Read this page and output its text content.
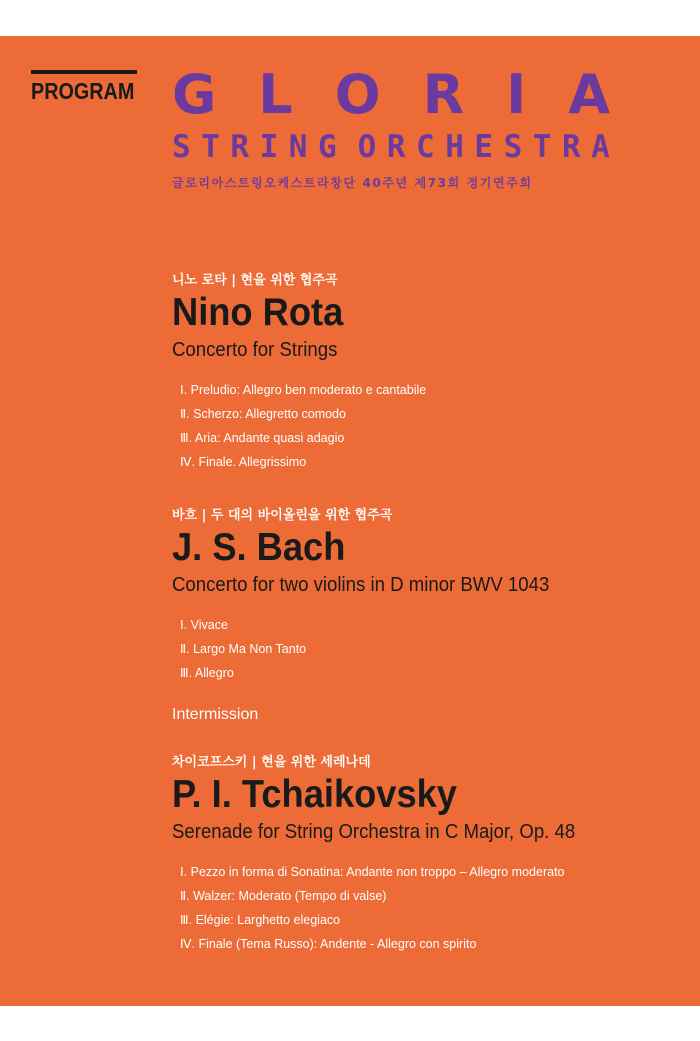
PROGRAM G L O R I A
S T R I N G O R C H E S T R A
글로리아스트링오케스트라창단 40주년 제73회 정기연주회

니노 로타 | 현을 위한 협주곡

Nino Rota

Concerto for Strings

Ⅰ. Preludio: Allegro ben moderato e cantabile
Ⅱ. Scherzo: Allegretto comodo
Ⅲ. Aria: Andante quasi adagio
Ⅳ. Finale. Allegrissimo

바흐 | 두 대의 바이올린을 위한 협주곡

J. S. Bach

Concerto for two violins in D minor BWV 1043

Ⅰ. Vivace
Ⅱ. Largo Ma Non Tanto
Ⅲ. Allegro
Intermission

차이코프스키 | 현을 위한 세레나데

P. I. Tchaikovsky

Serenade for String Orchestra in C Major, Op. 48

Ⅰ. Pezzo in forma di Sonatina: Andante non troppo – Allegro moderato
Ⅱ. Walzer: Moderato (Tempo di valse)
Ⅲ. Elégie: Larghetto elegiaco
Ⅳ. Finale (Tema Russo): Andente - Allegro con spirito
